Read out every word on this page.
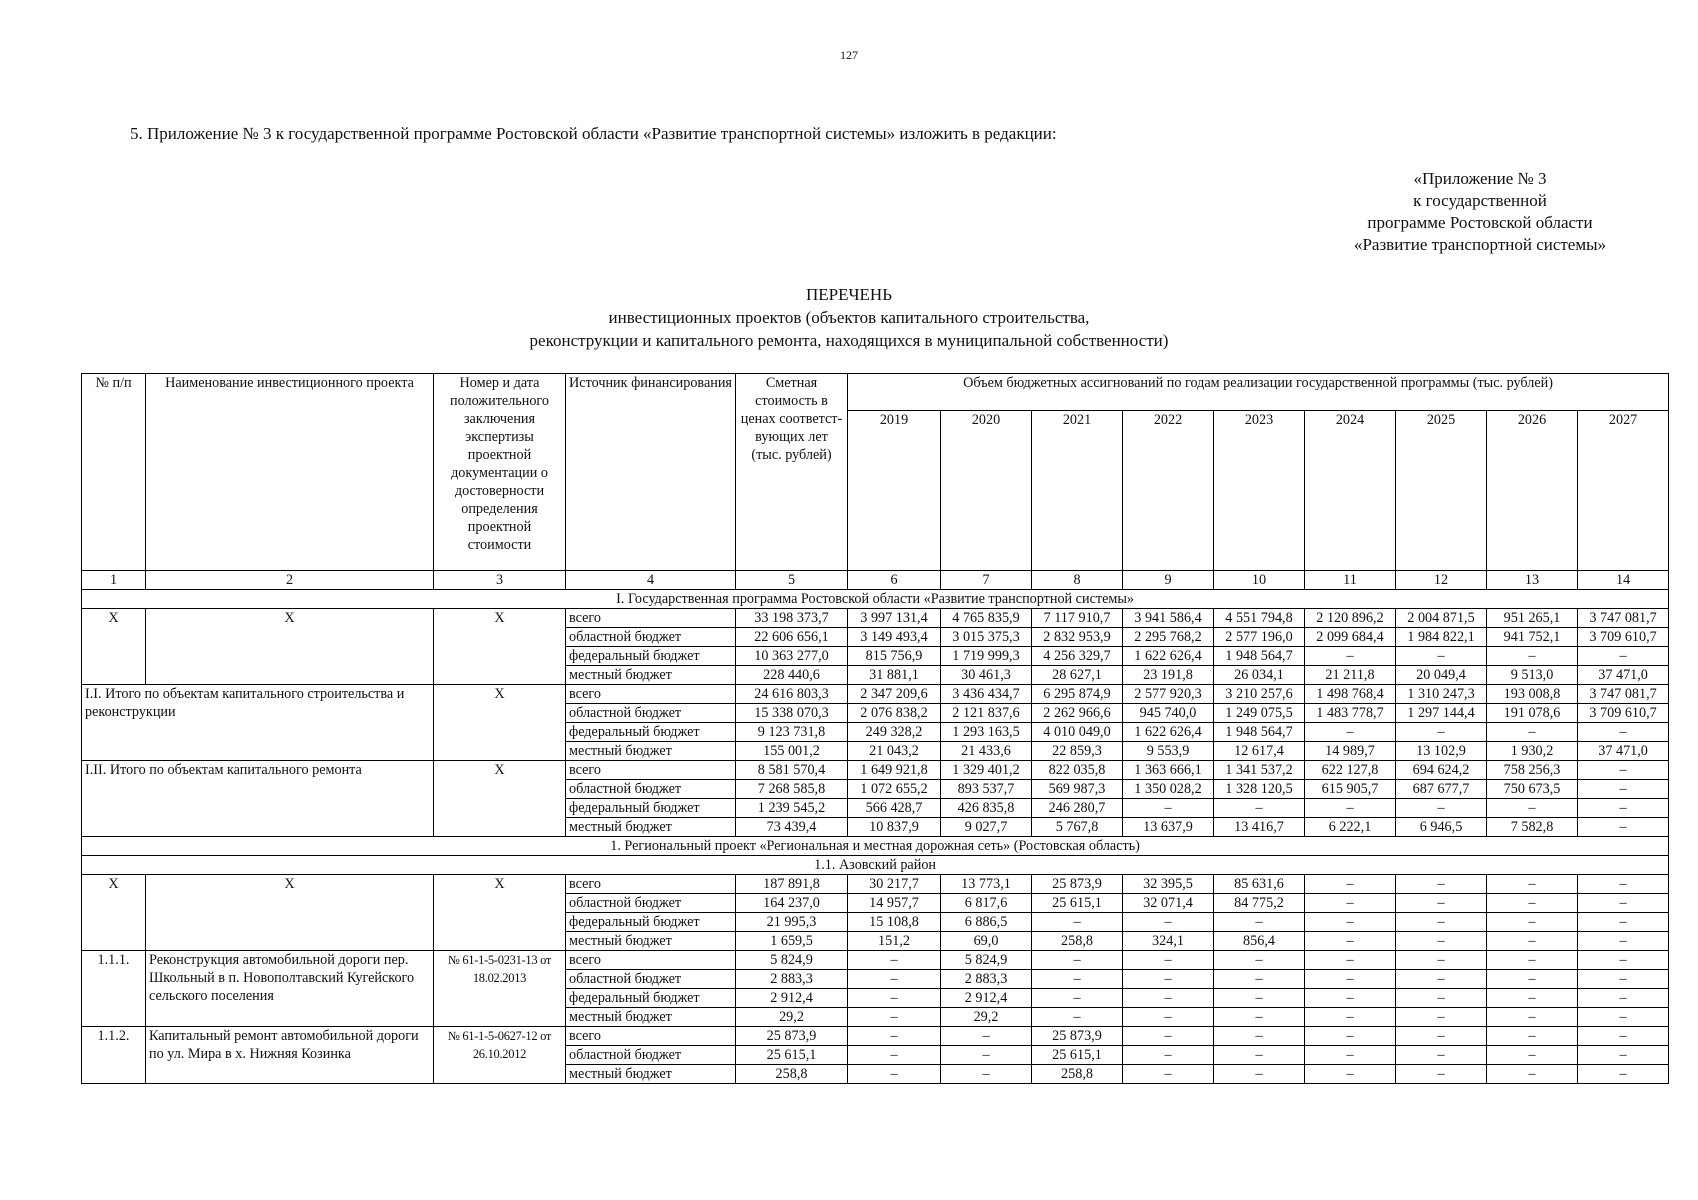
127
5. Приложение № 3 к государственной программе Ростовской области «Развитие транспортной системы» изложить в редакции:
«Приложение № 3
к государственной
программе Ростовской области
«Развитие транспортной системы»
ПЕРЕЧЕНЬ
инвестиционных проектов (объектов капитального строительства,
реконструкции и капитального ремонта, находящихся в муниципальной собственности)
№ п/п	Наименование инвестиционного проекта	Номер и дата положительного заключения экспертизы проектной документации о достоверности определения проектной стоимости	Источник финансирования	Сметная стоимость в ценах соответст-вующих лет (тыс. рублей)	Объем бюджетных ассигнований по годам реализации государственной программы (тыс. рублей)								
					2019	2020	2021	2022	2023	2024	2025	2026	2027
1	2	3	4	5	6	7	8	9	10	11	12	13	14
I. Государственная программа Ростовской области «Развитие транспортной системы»													
Х	Х	Х	всего	33 198 373,7	3 997 131,4	4 765 835,9	7 117 910,7	3 941 586,4	4 551 794,8	2 120 896,2	2 004 871,5	951 265,1	3 747 081,7
			областной бюджет	22 606 656,1	3 149 493,4	3 015 375,3	2 832 953,9	2 295 768,2	2 577 196,0	2 099 684,4	1 984 822,1	941 752,1	3 709 610,7
			федеральный бюджет	10 363 277,0	815 756,9	1 719 999,3	4 256 329,7	1 622 626,4	1 948 564,7	–	–	–	–
			местный бюджет	228 440,6	31 881,1	30 461,3	28 627,1	23 191,8	26 034,1	21 211,8	20 049,4	9 513,0	37 471,0
I.I. Итого по объектам капитального строительства и реконструкции		Х	всего	24 616 803,3	2 347 209,6	3 436 434,7	6 295 874,9	2 577 920,3	3 210 257,6	1 498 768,4	1 310 247,3	193 008,8	3 747 081,7
			областной бюджет	15 338 070,3	2 076 838,2	2 121 837,6	2 262 966,6	945 740,0	1 249 075,5	1 483 778,7	1 297 144,4	191 078,6	3 709 610,7
			федеральный бюджет	9 123 731,8	249 328,2	1 293 163,5	4 010 049,0	1 622 626,4	1 948 564,7	–	–	–	–
			местный бюджет	155 001,2	21 043,2	21 433,6	22 859,3	9 553,9	12 617,4	14 989,7	13 102,9	1 930,2	37 471,0
I.II. Итого по объектам капитального ремонта		Х	всего	8 581 570,4	1 649 921,8	1 329 401,2	822 035,8	1 363 666,1	1 341 537,2	622 127,8	694 624,2	758 256,3	–
			областной бюджет	7 268 585,8	1 072 655,2	893 537,7	569 987,3	1 350 028,2	1 328 120,5	615 905,7	687 677,7	750 673,5	–
			федеральный бюджет	1 239 545,2	566 428,7	426 835,8	246 280,7	–	–	–	–	–	–
			местный бюджет	73 439,4	10 837,9	9 027,7	5 767,8	13 637,9	13 416,7	6 222,1	6 946,5	7 582,8	–
1. Региональный проект «Региональная и местная дорожная сеть» (Ростовская область)													
1.1. Азовский район													
Х	Х	Х	всего	187 891,8	30 217,7	13 773,1	25 873,9	32 395,5	85 631,6	–	–	–	–
			областной бюджет	164 237,0	14 957,7	6 817,6	25 615,1	32 071,4	84 775,2	–	–	–	–
			федеральный бюджет	21 995,3	15 108,8	6 886,5	–	–	–	–	–	–	–
			местный бюджет	1 659,5	151,2	69,0	258,8	324,1	856,4	–	–	–	–
1.1.1.	Реконструкция автомобильной дороги пер. Школьный в п. Новополтавский Кугейского сельского поселения	№ 61-1-5-0231-13 от 18.02.2013	всего	5 824,9	–	5 824,9	–	–	–	–	–	–	–
			областной бюджет	2 883,3	–	2 883,3	–	–	–	–	–	–	–
			федеральный бюджет	2 912,4	–	2 912,4	–	–	–	–	–	–	–
			местный бюджет	29,2	–	29,2	–	–	–	–	–	–	–
1.1.2.	Капитальный ремонт автомобильной дороги по ул. Мира в х. Нижняя Козинка	№ 61-1-5-0627-12 от 26.10.2012	всего	25 873,9	–	–	25 873,9	–	–	–	–	–	–
			областной бюджет	25 615,1	–	–	25 615,1	–	–	–	–	–	–
			местный бюджет	258,8	–	–	258,8	–	–	–	–	–	–
